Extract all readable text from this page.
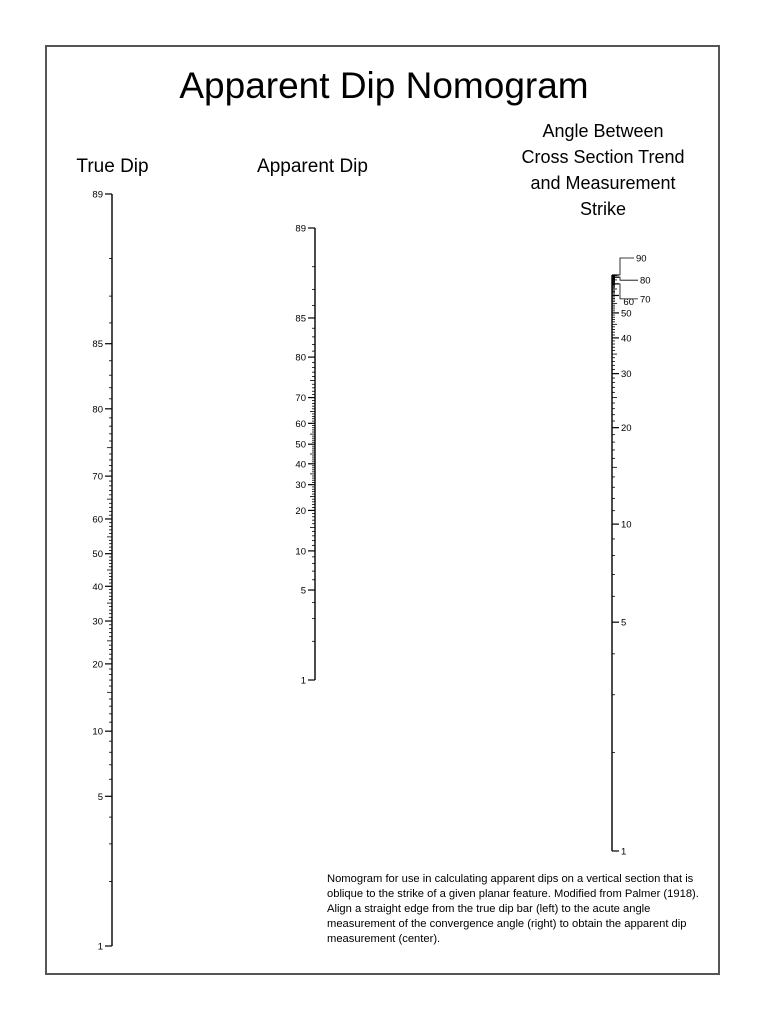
Apparent Dip Nomogram
True Dip	Apparent Dip
Angle Between
Cross Section Trend
and Measurement
Strike
89
85
80
70
60
50
40
30
20
10
5
1
89
85
80
70
60
50
40
30
20
10
5
1
90
80
70
60
50
40
30
20
10
5
1
Nomogram for use in calculating apparent dips on a vertical section that is oblique to the strike of a given planar feature. Modified from Palmer (1918). Align a straight edge from the true dip bar (left) to the acute angle measurement of the convergence angle (right) to obtain the apparent dip measurement (center).
